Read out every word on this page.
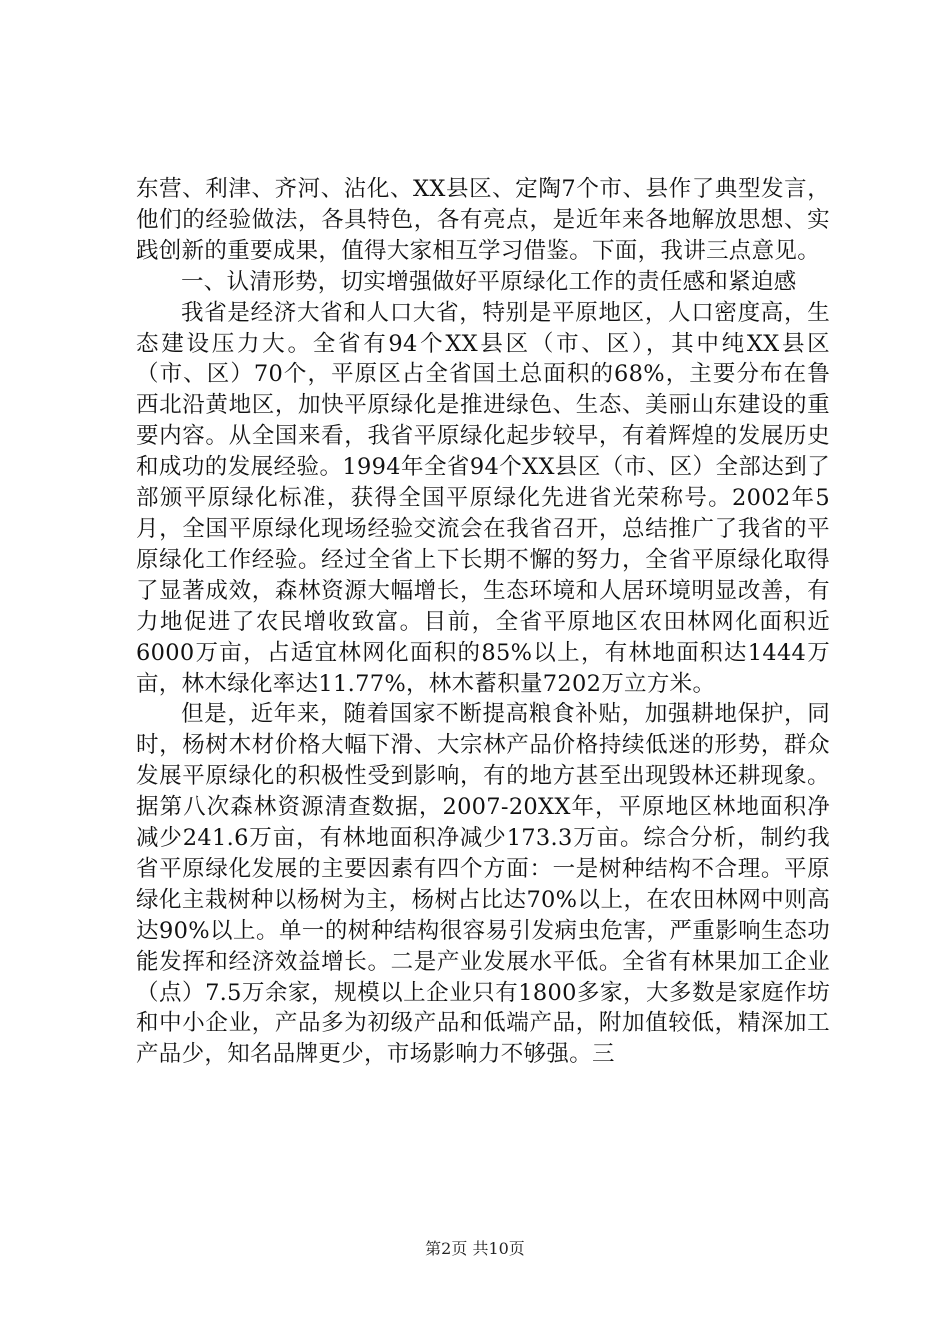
东营、利津、齐河、沾化、XX县区、定陶7个市、县作了典型发言，他们的经验做法，各具特色，各有亮点，是近年来各地解放思想、实践创新的重要成果，值得大家相互学习借鉴。下面，我讲三点意见。

一、认清形势，切实增强做好平原绿化工作的责任感和紧迫感

我省是经济大省和人口大省，特别是平原地区，人口密度高，生态建设压力大。全省有94个XX县区（市、区），其中纯XX县区（市、区）70个，平原区占全省国土总面积的68%，主要分布在鲁西北沿黄地区，加快平原绿化是推进绿色、生态、美丽山东建设的重要内容。从全国来看，我省平原绿化起步较早，有着辉煌的发展历史和成功的发展经验。1994年全省94个XX县区（市、区）全部达到了部颁平原绿化标准，获得全国平原绿化先进省光荣称号。2002年5月，全国平原绿化现场经验交流会在我省召开，总结推广了我省的平原绿化工作经验。经过全省上下长期不懈的努力，全省平原绿化取得了显著成效，森林资源大幅增长，生态环境和人居环境明显改善，有力地促进了农民增收致富。目前，全省平原地区农田林网化面积近6000万亩，占适宜林网化面积的85%以上，有林地面积达1444万亩，林木绿化率达11.77%，林木蓄积量7202万立方米。

但是，近年来，随着国家不断提高粮食补贴，加强耕地保护，同时，杨树木材价格大幅下滑、大宗林产品价格持续低迷的形势，群众发展平原绿化的积极性受到影响，有的地方甚至出现毁林还耕现象。据第八次森林资源清查数据，2007-20XX年，平原地区林地面积净减少241.6万亩，有林地面积净减少173.3万亩。综合分析，制约我省平原绿化发展的主要因素有四个方面：一是树种结构不合理。平原绿化主栽树种以杨树为主，杨树占比达70%以上，在农田林网中则高达90%以上。单一的树种结构很容易引发病虫危害，严重影响生态功能发挥和经济效益增长。二是产业发展水平低。全省有林果加工企业（点）7.5万余家，规模以上企业只有1800多家，大多数是家庭作坊和中小企业，产品多为初级产品和低端产品，附加值较低，精深加工产品少，知名品牌更少，市场影响力不够强。三

第2页 共10页
